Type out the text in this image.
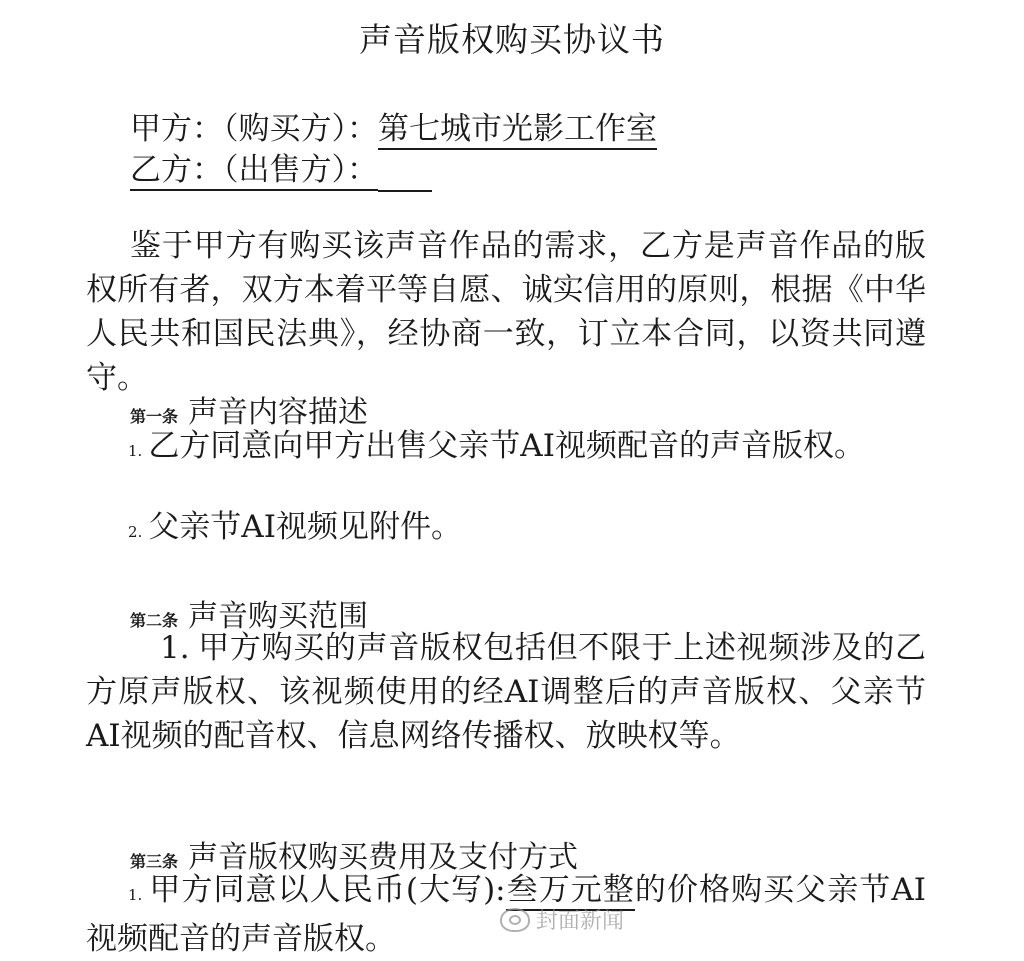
声音版权购买协议书
甲方：（购买方）：第七城市光影工作室
乙方：（出售方）：　　
鉴于甲方有购买该声音作品的需求，乙方是声音作品的版权所有者，双方本着平等自愿、诚实信用的原则，根据《中华人民共和国民法典》，经协商一致，订立本合同，以资共同遵守。
第一条 声音内容描述
1. 乙方同意向甲方出售父亲节AI视频配音的声音版权。
2. 父亲节AI视频见附件。
第二条 声音购买范围
1. 甲方购买的声音版权包括但不限于上述视频涉及的乙方原声版权、该视频使用的经AI调整后的声音版权、父亲节AI视频的配音权、信息网络传播权、放映权等。
第三条 声音版权购买费用及支付方式
1. 甲方同意以人民币(大写):叁万元整的价格购买父亲节AI视频配音的声音版权。	封面新闻
